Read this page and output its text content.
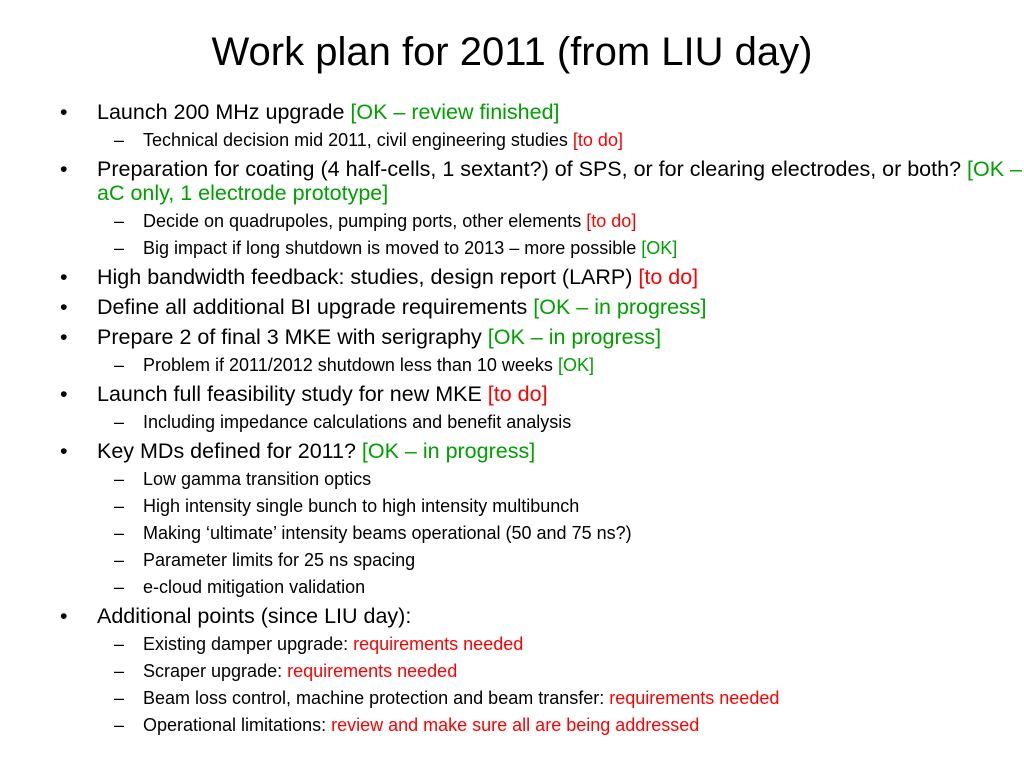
Work plan for 2011 (from LIU day)
• Launch 200 MHz upgrade [OK – review finished]
– Technical decision mid 2011, civil engineering studies [to do]
• Preparation for coating (4 half-cells, 1 sextant?) of SPS, or for clearing electrodes, or both? [OK – aC only, 1 electrode prototype]
– Decide on quadrupoles, pumping ports, other elements [to do]
– Big impact if long shutdown is moved to 2013 – more possible [OK]
• High bandwidth feedback: studies, design report (LARP) [to do]
• Define all additional BI upgrade requirements [OK – in progress]
• Prepare 2 of final 3 MKE with serigraphy [OK – in progress]
– Problem if 2011/2012 shutdown less than 10 weeks [OK]
• Launch full feasibility study for new MKE [to do]
– Including impedance calculations and benefit analysis
• Key MDs defined for 2011? [OK – in progress]
– Low gamma transition optics
– High intensity single bunch to high intensity multibunch
– Making ‘ultimate’ intensity beams operational (50 and 75 ns?)
– Parameter limits for 25 ns spacing
– e-cloud mitigation validation
• Additional points (since LIU day):
– Existing damper upgrade: requirements needed
– Scraper upgrade: requirements needed
– Beam loss control, machine protection and beam transfer: requirements needed
– Operational limitations: review and make sure all are being addressed
